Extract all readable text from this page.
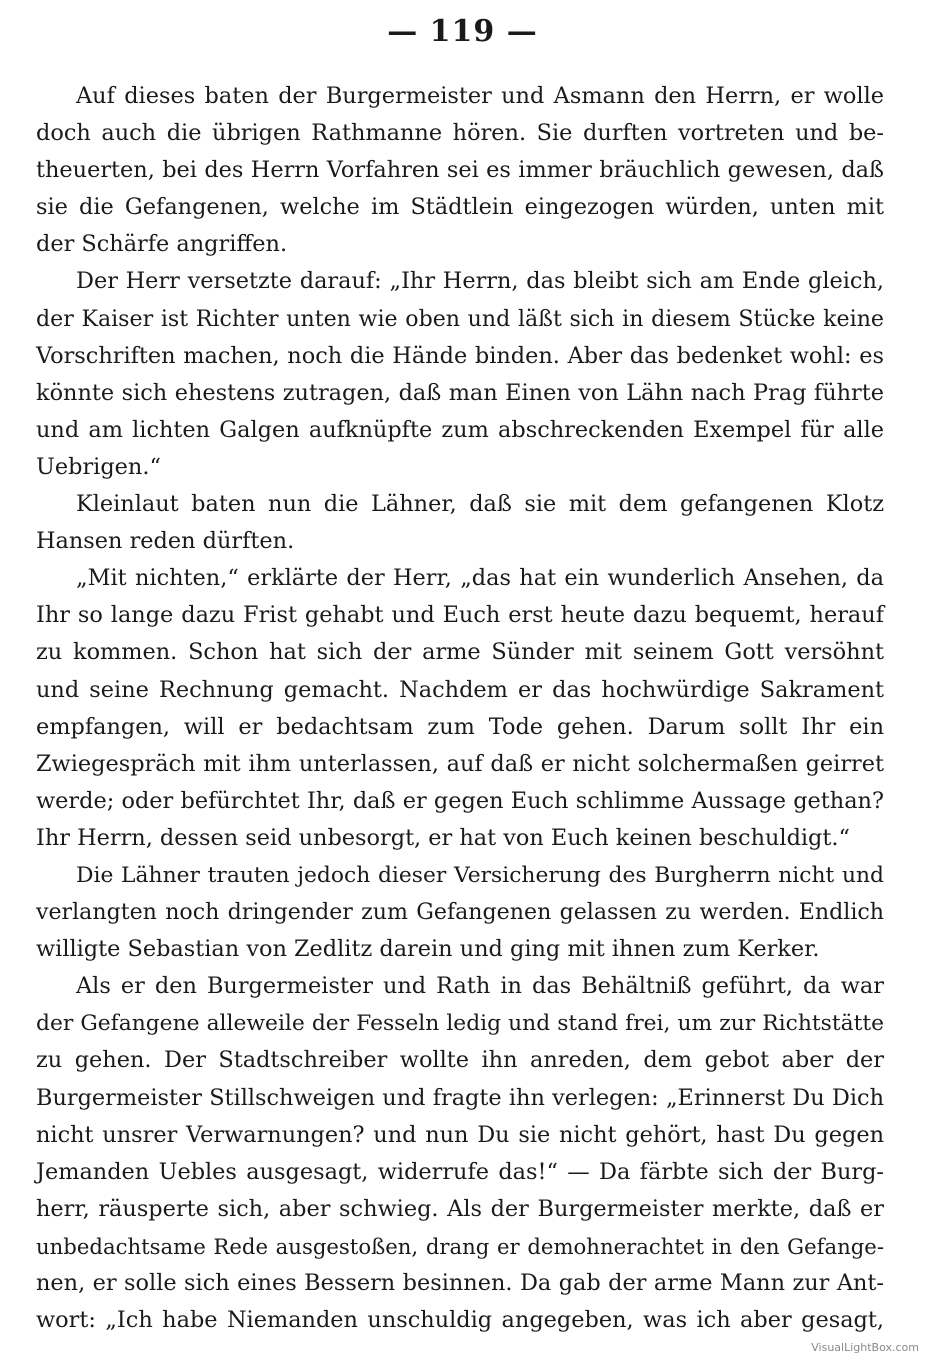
— 119 —
Auf dieses baten der Burgermeister und Asmann den Herrn, er wolle
doch auch die übrigen Rathmanne hören. Sie durften vortreten und be-
theuerten, bei des Herrn Vorfahren sei es immer bräuchlich gewesen, daß
sie die Gefangenen, welche im Städtlein eingezogen würden, unten mit
der Schärfe angriffen.
Der Herr versetzte darauf: „Ihr Herrn, das bleibt sich am Ende gleich,
der Kaiser ist Richter unten wie oben und läßt sich in diesem Stücke keine
Vorschriften machen, noch die Hände binden. Aber das bedenket wohl: es
könnte sich ehestens zutragen, daß man Einen von Lähn nach Prag führte
und am lichten Galgen aufknüpfte zum abschreckenden Exempel für alle
Uebrigen.“
Kleinlaut baten nun die Lähner, daß sie mit dem gefangenen Klotz
Hansen reden dürften.
„Mit nichten,“ erklärte der Herr, „das hat ein wunderlich Ansehen, da
Ihr so lange dazu Frist gehabt und Euch erst heute dazu bequemt, herauf
zu kommen. Schon hat sich der arme Sünder mit seinem Gott versöhnt
und seine Rechnung gemacht. Nachdem er das hochwürdige Sakrament
empfangen, will er bedachtsam zum Tode gehen. Darum sollt Ihr ein
Zwiegespräch mit ihm unterlassen, auf daß er nicht solchermaßen geirret
werde; oder befürchtet Ihr, daß er gegen Euch schlimme Aussage gethan?
Ihr Herrn, dessen seid unbesorgt, er hat von Euch keinen beschuldigt.“
Die Lähner trauten jedoch dieser Versicherung des Burgherrn nicht und
verlangten noch dringender zum Gefangenen gelassen zu werden. Endlich
willigte Sebastian von Zedlitz darein und ging mit ihnen zum Kerker.
Als er den Burgermeister und Rath in das Behältniß geführt, da war
der Gefangene alleweile der Fesseln ledig und stand frei, um zur Richtstätte
zu gehen. Der Stadtschreiber wollte ihn anreden, dem gebot aber der
Burgermeister Stillschweigen und fragte ihn verlegen: „Erinnerst Du Dich
nicht unsrer Verwarnungen? und nun Du sie nicht gehört, hast Du gegen
Jemanden Uebles ausgesagt, widerrufe das!“ — Da färbte sich der Burg-
herr, räusperte sich, aber schwieg. Als der Burgermeister merkte, daß er
unbedachtsame Rede ausgestoßen, drang er demohnerachtet in den Gefange-
nen, er solle sich eines Bessern besinnen. Da gab der arme Mann zur Ant-
wort: „Ich habe Niemanden unschuldig angegeben, was ich aber gesagt,
VisualLightBox.com
